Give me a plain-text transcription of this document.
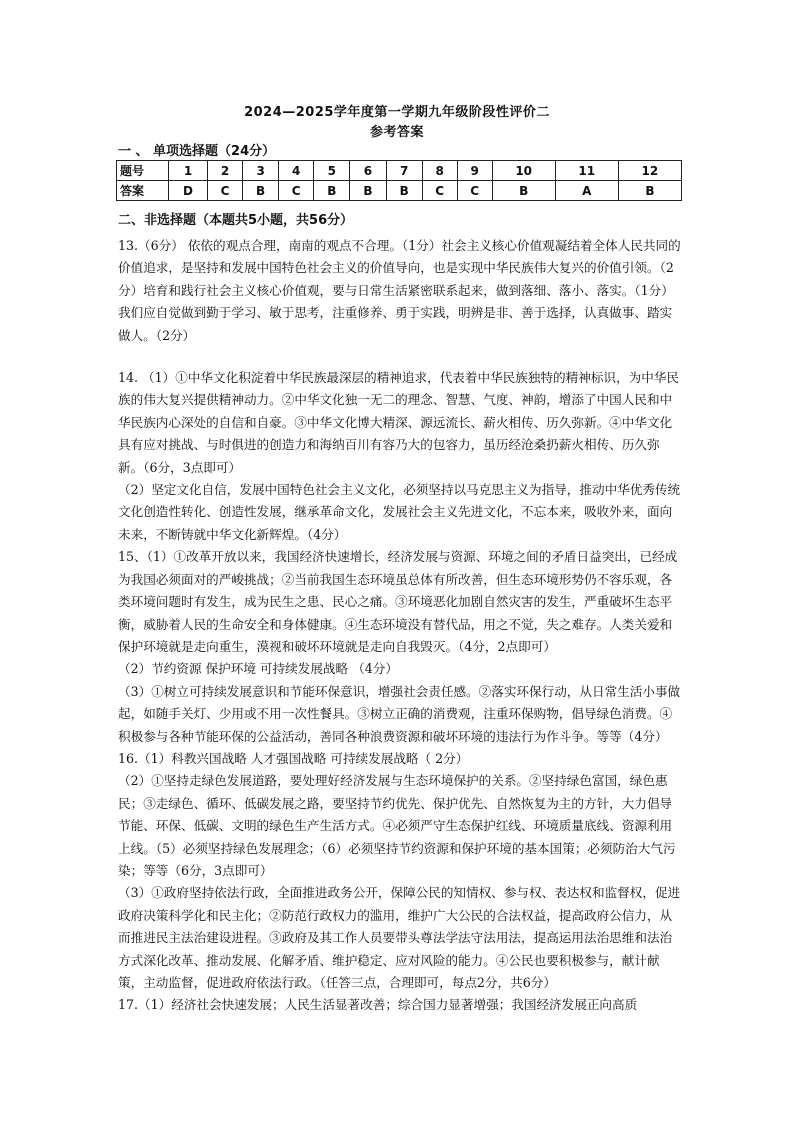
2024—2025学年度第一学期九年级阶段性评价二
参考答案
一 、 单项选择题（24分）
题号	1	2	3	4	5	6	7	8	9	10	11	12
答案	D	C	B	C	B	B	B	C	C	B	A	B
二、非选择题（本题共5小题，共56分）

13.（6分） 依依的观点合理，南南的观点不合理。（1分）社会主义核心价值观凝结着全体人民共同的价值追求，是坚持和发展中国特色社会主义的价值导向，也是实现中华民族伟大复兴的价值引领。（2分）培育和践行社会主义核心价值观，要与日常生活紧密联系起来，做到落细、落小、落实。（1分）我们应自觉做到勤于学习、敏于思考，注重修养、勇于实践，明辨是非、善于选择，认真做事、踏实做人。（2分）

14. （1）①中华文化积淀着中华民族最深层的精神追求，代表着中华民族独特的精神标识，为中华民族的伟大复兴提供精神动力。②中华文化独一无二的理念、智慧、气度、神韵，增添了中国人民和中华民族内心深处的自信和自豪。③中华文化博大精深、源远流长、薪火相传、历久弥新。④中华文化具有应对挑战、与时俱进的创造力和海纳百川有容乃大的包容力，虽历经沧桑扔薪火相传、历久弥新。（6分，3点即可）

（2）坚定文化自信，发展中国特色社会主义文化，必须坚持以马克思主义为指导，推动中华优秀传统文化创造性转化、创造性发展，继承革命文化，发展社会主义先进文化，不忘本来，吸收外来，面向未来，不断铸就中华文化新辉煌。（4分）

15、（1）①改革开放以来，我国经济快速增长，经济发展与资源、环境之间的矛盾日益突出，已经成为我国必须面对的严峻挑战；②当前我国生态环境虽总体有所改善，但生态环境形势仍不容乐观，各类环境问题时有发生，成为民生之患、民心之痛。③环境恶化加剧自然灾害的发生，严重破坏生态平衡，威胁着人民的生命安全和身体健康。④生态环境没有替代品，用之不觉，失之难存。人类关爱和保护环境就是走向重生，漠视和破坏环境就是走向自我毁灭。（4分，2点即可）

（2）节约资源 保护环境 可持续发展战略 （4分）

（3）①树立可持续发展意识和节能环保意识，增强社会责任感。②落实环保行动，从日常生活小事做起，如随手关灯、少用或不用一次性餐具。③树立正确的消费观，注重环保购物，倡导绿色消费。④积极参与各种节能环保的公益活动，善同各种浪费资源和破坏环境的违法行为作斗争。等等（4分）

16.（1）科教兴国战略 人才强国战略 可持续发展战略（ 2分）

（2）①坚持走绿色发展道路，要处理好经济发展与生态环境保护的关系。②坚持绿色富国，绿色惠民；③走绿色、循环、低碳发展之路，要坚持节约优先、保护优先、自然恢复为主的方针，大力倡导节能、环保、低碳、文明的绿色生产生活方式。④必须严守生态保护红线、环境质量底线、资源利用上线。（5）必须坚持绿色发展理念；（6）必须坚持节约资源和保护环境的基本国策；必须防治大气污染；等等（6分，3点即可）

（3）①政府坚持依法行政，全面推进政务公开，保障公民的知情权、参与权、表达权和监督权，促进政府决策科学化和民主化；②防范行政权力的滥用，维护广大公民的合法权益，提高政府公信力，从而推进民主法治建设进程。③政府及其工作人员要带头尊法学法守法用法，提高运用法治思维和法治方式深化改革、推动发展、化解矛盾、维护稳定、应对风险的能力。④公民也要积极参与，献计献策，主动监督，促进政府依法行政。（任答三点，合理即可，每点2分，共6分）

17.（1）经济社会快速发展；人民生活显著改善；综合国力显著增强；我国经济发展正向高质
